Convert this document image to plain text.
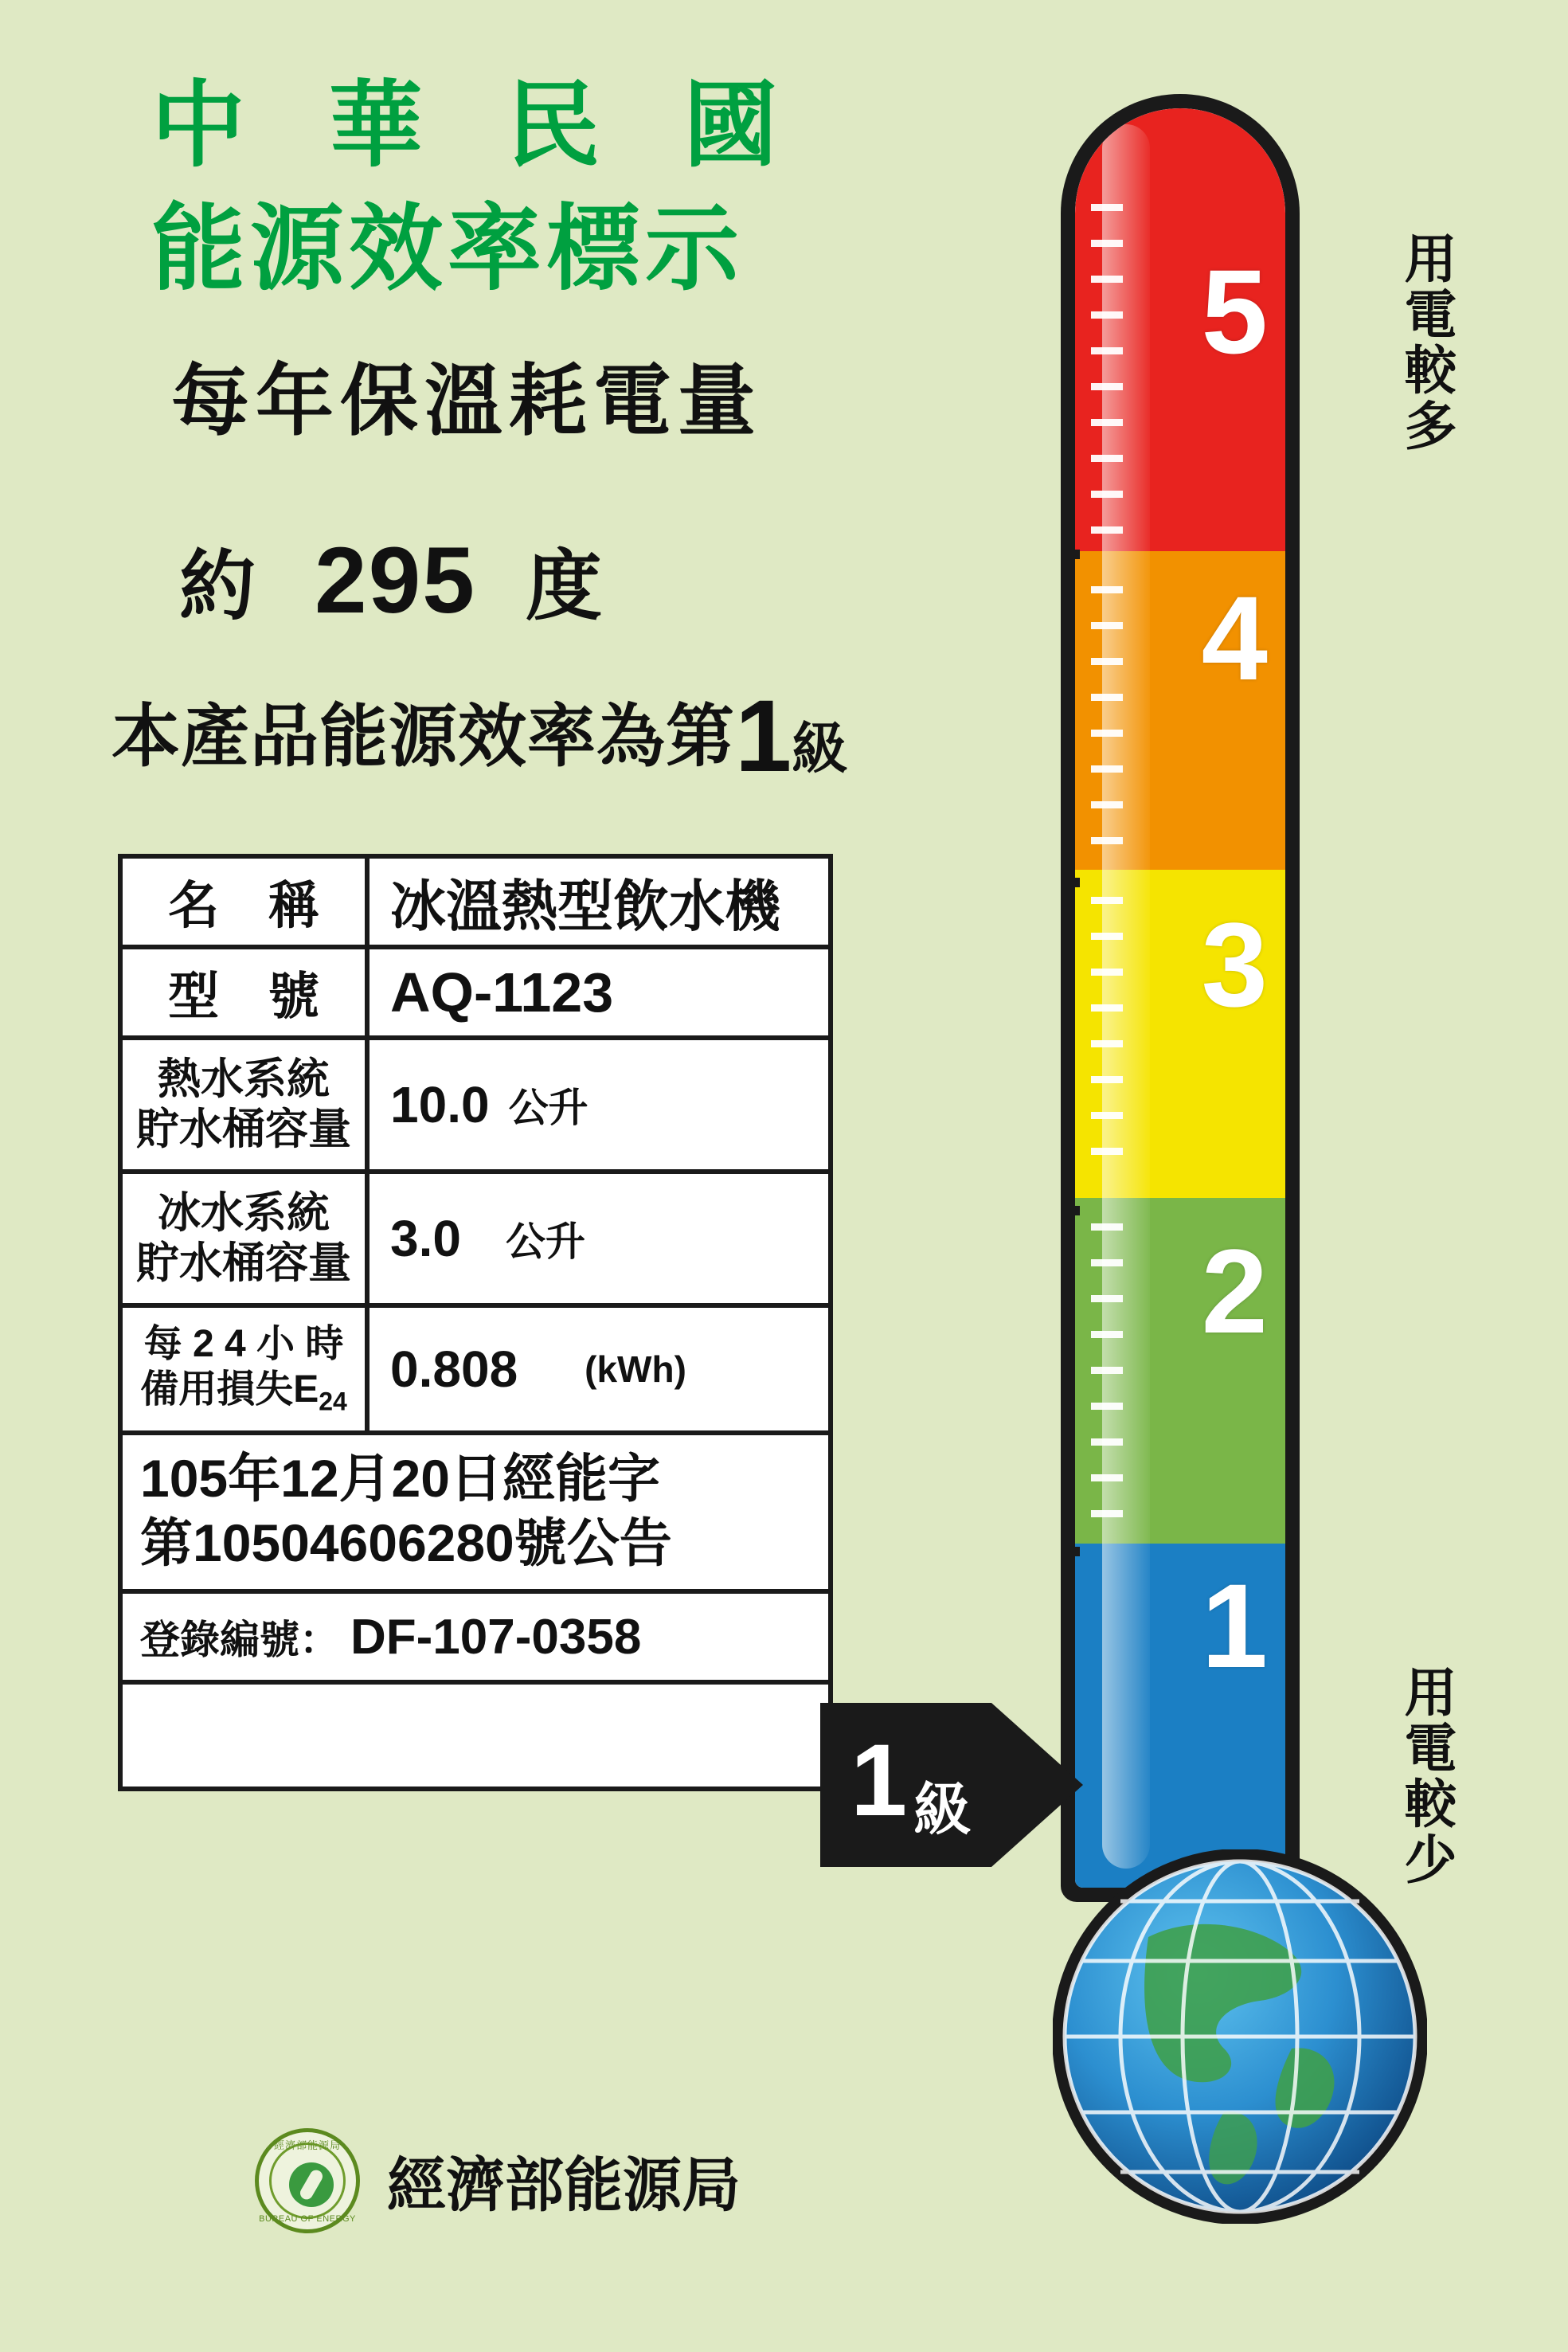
中 華 民 國
能源效率標示
每年保溫耗電量
約 295 度
本產品能源效率為第1級
名 稱 冰溫熱型飲水機
型 號 AQ-1123
熱水系統
貯水桶容量 10.0 公升
冰水系統
貯水桶容量 3.0 公升
每 2 4 小 時
備用損失$E_{24}$
0.808 (kWh)
105年12月20日經能字
第10504606280號公告
登錄編號： DF-107-0358
經濟部能源局
BUREAU OF ENERGY
經濟部能源局
5
4
3
2
1
用電較多
用電較少
1 級
